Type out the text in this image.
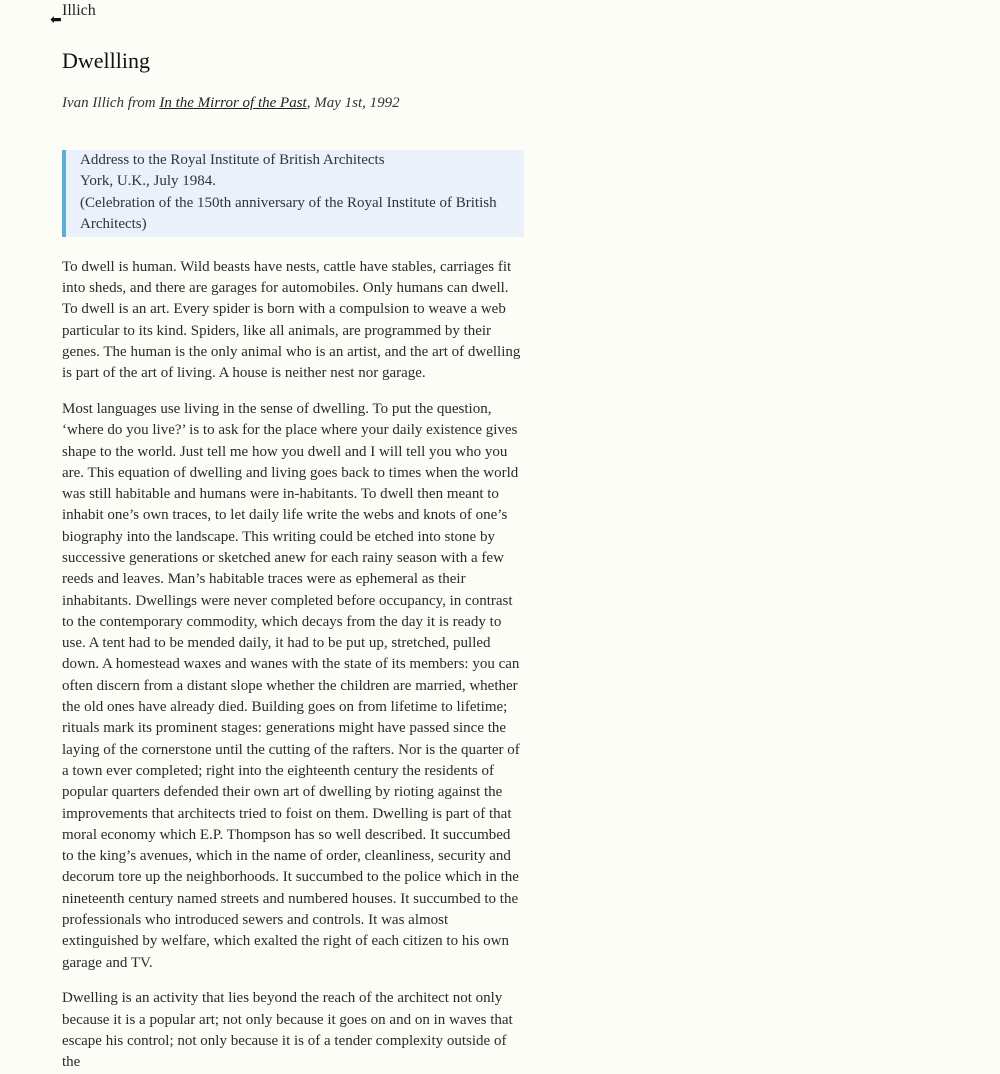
⬅
Illich
Dwellling
Ivan Illich from In the Mirror of the Past, May 1st, 1992
Address to the Royal Institute of British Architects
York, U.K., July 1984.
(Celebration of the 150th anniversary of the Royal Institute of British Architects)

To dwell is human. Wild beasts have nests, cattle have stables, carriages fit into sheds, and there are garages for automobiles. Only humans can dwell. To dwell is an art. Every spider is born with a compulsion to weave a web particular to its kind. Spiders, like all animals, are programmed by their genes. The human is the only animal who is an artist, and the art of dwelling is part of the art of living. A house is neither nest nor garage.

Most languages use living in the sense of dwelling. To put the question, ‘where do you live?’ is to ask for the place where your daily existence gives shape to the world. Just tell me how you dwell and I will tell you who you are. This equation of dwelling and living goes back to times when the world was still habitable and humans were in-habitants. To dwell then meant to inhabit one’s own traces, to let daily life write the webs and knots of one’s biography into the landscape. This writing could be etched into stone by successive generations or sketched anew for each rainy season with a few reeds and leaves. Man’s habitable traces were as ephemeral as their inhabitants. Dwellings were never completed before occupancy, in contrast to the contemporary commodity, which decays from the day it is ready to use. A tent had to be mended daily, it had to be put up, stretched, pulled down. A homestead waxes and wanes with the state of its members: you can often discern from a distant slope whether the children are married, whether the old ones have already died. Building goes on from lifetime to lifetime; rituals mark its prominent stages: generations might have passed since the laying of the cornerstone until the cutting of the rafters. Nor is the quarter of a town ever completed; right into the eighteenth century the residents of popular quarters defended their own art of dwelling by rioting against the improvements that architects tried to foist on them. Dwelling is part of that moral economy which E.P. Thompson has so well described. It succumbed to the king’s avenues, which in the name of order, cleanliness, security and decorum tore up the neighborhoods. It succumbed to the police which in the nineteenth century named streets and numbered houses. It succumbed to the professionals who introduced sewers and controls. It was almost extinguished by welfare, which exalted the right of each citizen to his own garage and TV.

Dwelling is an activity that lies beyond the reach of the architect not only because it is a popular art; not only because it goes on and on in waves that escape his control; not only because it is of a tender complexity outside of the
